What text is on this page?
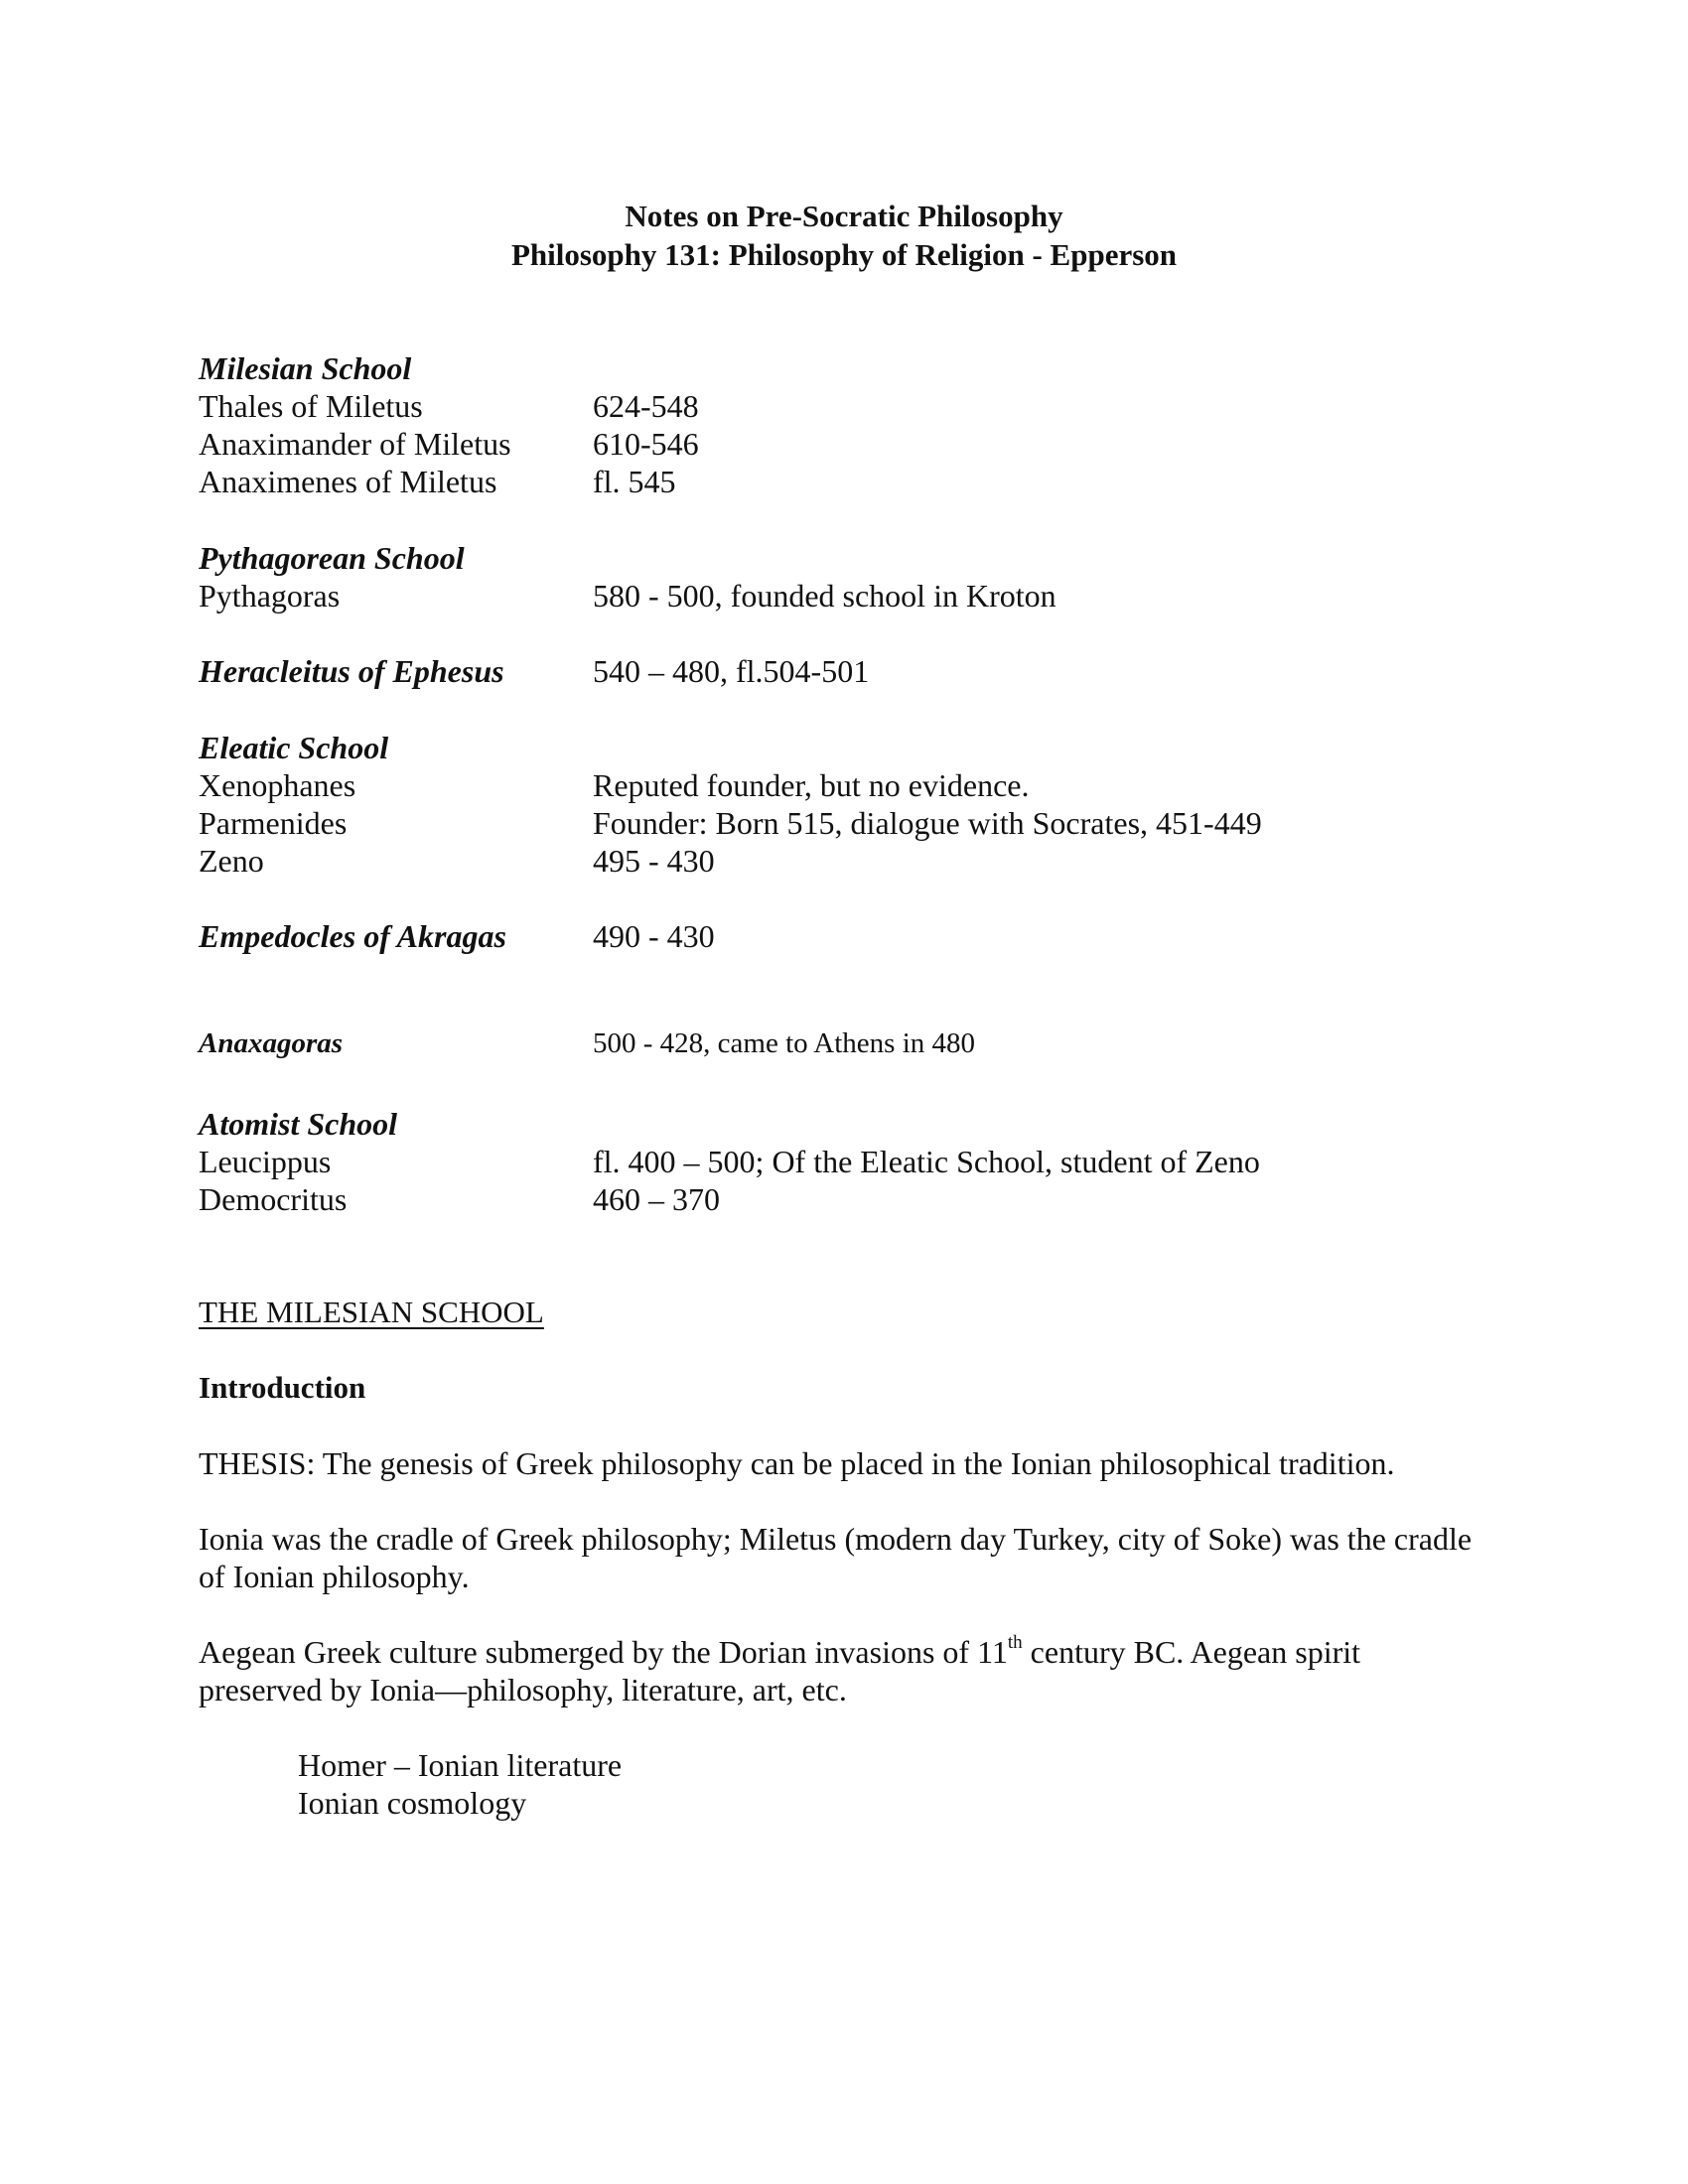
Notes on Pre-Socratic Philosophy
Philosophy 131: Philosophy of Religion - Epperson
Milesian School
Thales of Miletus	624-548
Anaximander of Miletus	610-546
Anaximenes of Miletus	fl. 545
Pythagorean School
Pythagoras	580 - 500, founded school in Kroton
Heracleitus of Ephesus	540 – 480, fl.504-501
Eleatic School
Xenophanes	Reputed founder, but no evidence.
Parmenides	Founder: Born 515, dialogue with Socrates, 451-449
Zeno	495 - 430
Empedocles of Akragas	490 - 430
Anaxagoras	500 - 428, came to Athens in 480
Atomist School
Leucippus	fl. 400 – 500; Of the Eleatic School, student of Zeno
Democritus	460 – 370
THE MILESIAN SCHOOL
Introduction
THESIS: The genesis of Greek philosophy can be placed in the Ionian philosophical tradition.
Ionia was the cradle of Greek philosophy; Miletus (modern day Turkey, city of Soke) was the cradle of Ionian philosophy.
Aegean Greek culture submerged by the Dorian invasions of 11th century BC. Aegean spirit preserved by Ionia—philosophy, literature, art, etc.
Homer – Ionian literature
Ionian cosmology
